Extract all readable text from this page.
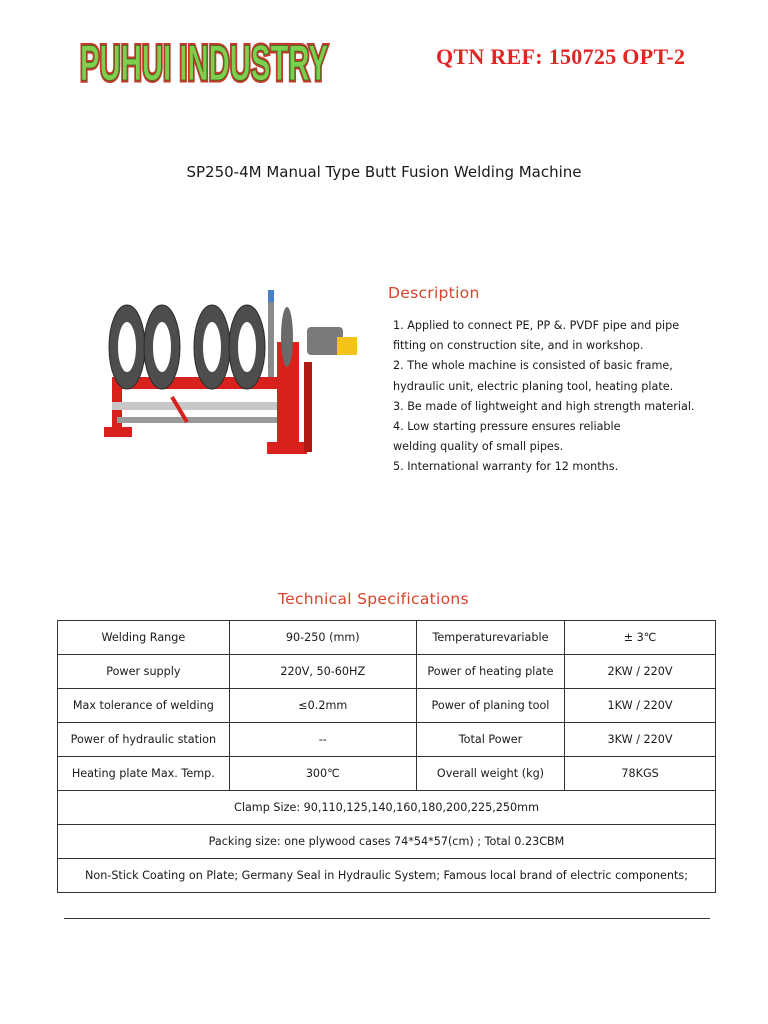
PUHUI INDUSTRY
PUHUI INDUSTRY	QTN REF: 150725 OPT-2
SP250-4M Manual Type Butt Fusion Welding Machine
Description
1. Applied to connect PE, PP &. PVDF pipe and pipe
fitting on construction site, and in workshop.
2. The whole machine is consisted of basic frame,
hydraulic unit, electric planing tool, heating plate.
3. Be made of lightweight and high strength material.
4. Low starting pressure ensures reliable
welding quality of small pipes.
5. International warranty for 12 months.
Technical Specifications
Welding Range	90-250 (mm)	Temperaturevariable	± 3℃
Power supply	220V, 50-60HZ	Power of heating plate	2KW / 220V
Max tolerance of welding	≤0.2mm	Power of planing tool	1KW / 220V
Power of hydraulic station	--	Total Power	3KW / 220V
Heating plate Max. Temp.	300℃	Overall weight (kg)	78KGS
Clamp Size: 90,110,125,140,160,180,200,225,250mm			
Packing size: one plywood cases 74*54*57(cm) ; Total 0.23CBM			
Non-Stick Coating on Plate; Germany Seal in Hydraulic System; Famous local brand of electric components;			
